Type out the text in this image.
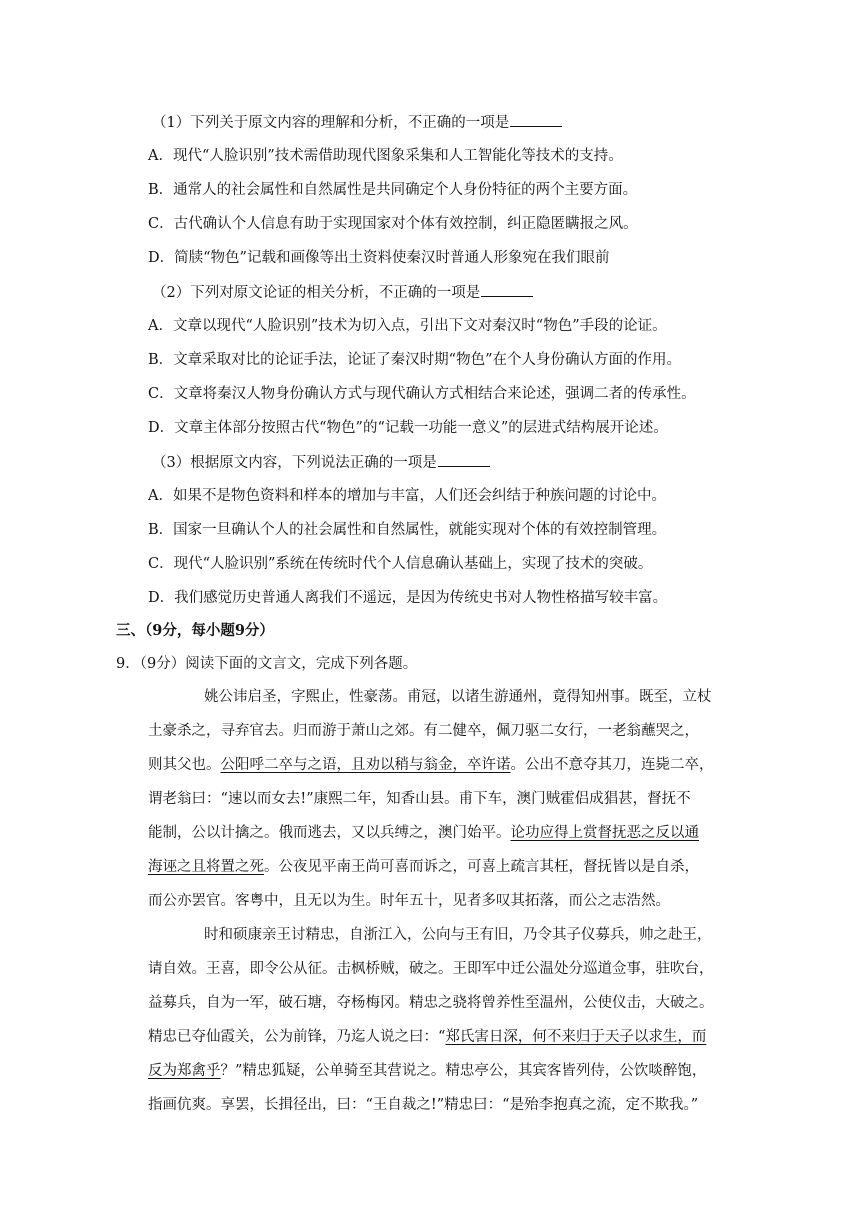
（1）下列关于原文内容的理解和分析，不正确的一项是
A．现代“人脸识别”技术需借助现代图象采集和人工智能化等技术的支持。
B．通常人的社会属性和自然属性是共同确定个人身份特征的两个主要方面。
C．古代确认个人信息有助于实现国家对个体有效控制，纠正隐匿瞒报之风。
D．简牍“物色”记载和画像等出土资料使秦汉时普通人形象宛在我们眼前
（2）下列对原文论证的相关分析，不正确的一项是
A．文章以现代“人脸识别”技术为切入点，引出下文对秦汉时“物色”手段的论证。
B．文章采取对比的论证手法，论证了秦汉时期“物色”在个人身份确认方面的作用。
C．文章将秦汉人物身份确认方式与现代确认方式相结合来论述，强调二者的传承性。
D．文章主体部分按照古代“物色”的“记载一功能一意义”的层进式结构展开论述。
（3）根据原文内容，下列说法正确的一项是
A．如果不是物色资料和样本的增加与丰富，人们还会纠结于种族问题的讨论中。
B．国家一旦确认个人的社会属性和自然属性，就能实现对个体的有效控制管理。
C．现代“人脸识别”系统在传统时代个人信息确认基础上，实现了技术的突破。
D．我们感觉历史普通人离我们不遥远，是因为传统史书对人物性格描写较丰富。
三、（9分，每小题9分）
9．（9分）阅读下面的文言文，完成下列各题。
姚公讳启圣，字熙止，性豪荡。甫冠，以诸生游通州，竟得知州事。既至，立杖
土豪杀之，寻弃官去。归而游于萧山之郊。有二健卒，佩刀驱二女行，一老翁蘸哭之，
则其父也。公阳呼二卒与之语，且劝以稍与翁金，卒许诺。公出不意夺其刀，连毙二卒，
谓老翁曰：“速以而女去!”康熙二年，知香山县。甫下车，澳门贼霍侣成猖甚，督抚不
能制，公以计擒之。俄而逃去，又以兵缚之，澳门始平。论功应得上赏督抚恶之反以通
海诬之且将置之死。公夜见平南王尚可喜而诉之，可喜上疏言其枉，督抚皆以是自杀，
而公亦罢官。客粤中，且无以为生。时年五十，见者多叹其拓落，而公之志浩然。
时和硕康亲王讨精忠，自浙江入，公向与王有旧，乃令其子仪募兵，帅之赴王，
请自效。王喜，即令公从征。击枫桥贼，破之。王即军中迁公温处分巡道佥事，驻吹台，
益募兵，自为一军，破石塘，夺杨梅冈。精忠之骁将曾养性至温州，公使仪击，大破之。
精忠已夺仙霞关，公为前锋，乃迄人说之曰：“郑氏害日深，何不来归于天子以求生，而
反为郑禽乎？”精忠狐疑，公单骑至其营说之。精忠亭公，其宾客皆列侍，公饮啖醉饱，
指画伉爽。享罢，长揖径出，曰：“王自裁之!”精忠曰：“是殆李抱真之流，定不欺我。”
